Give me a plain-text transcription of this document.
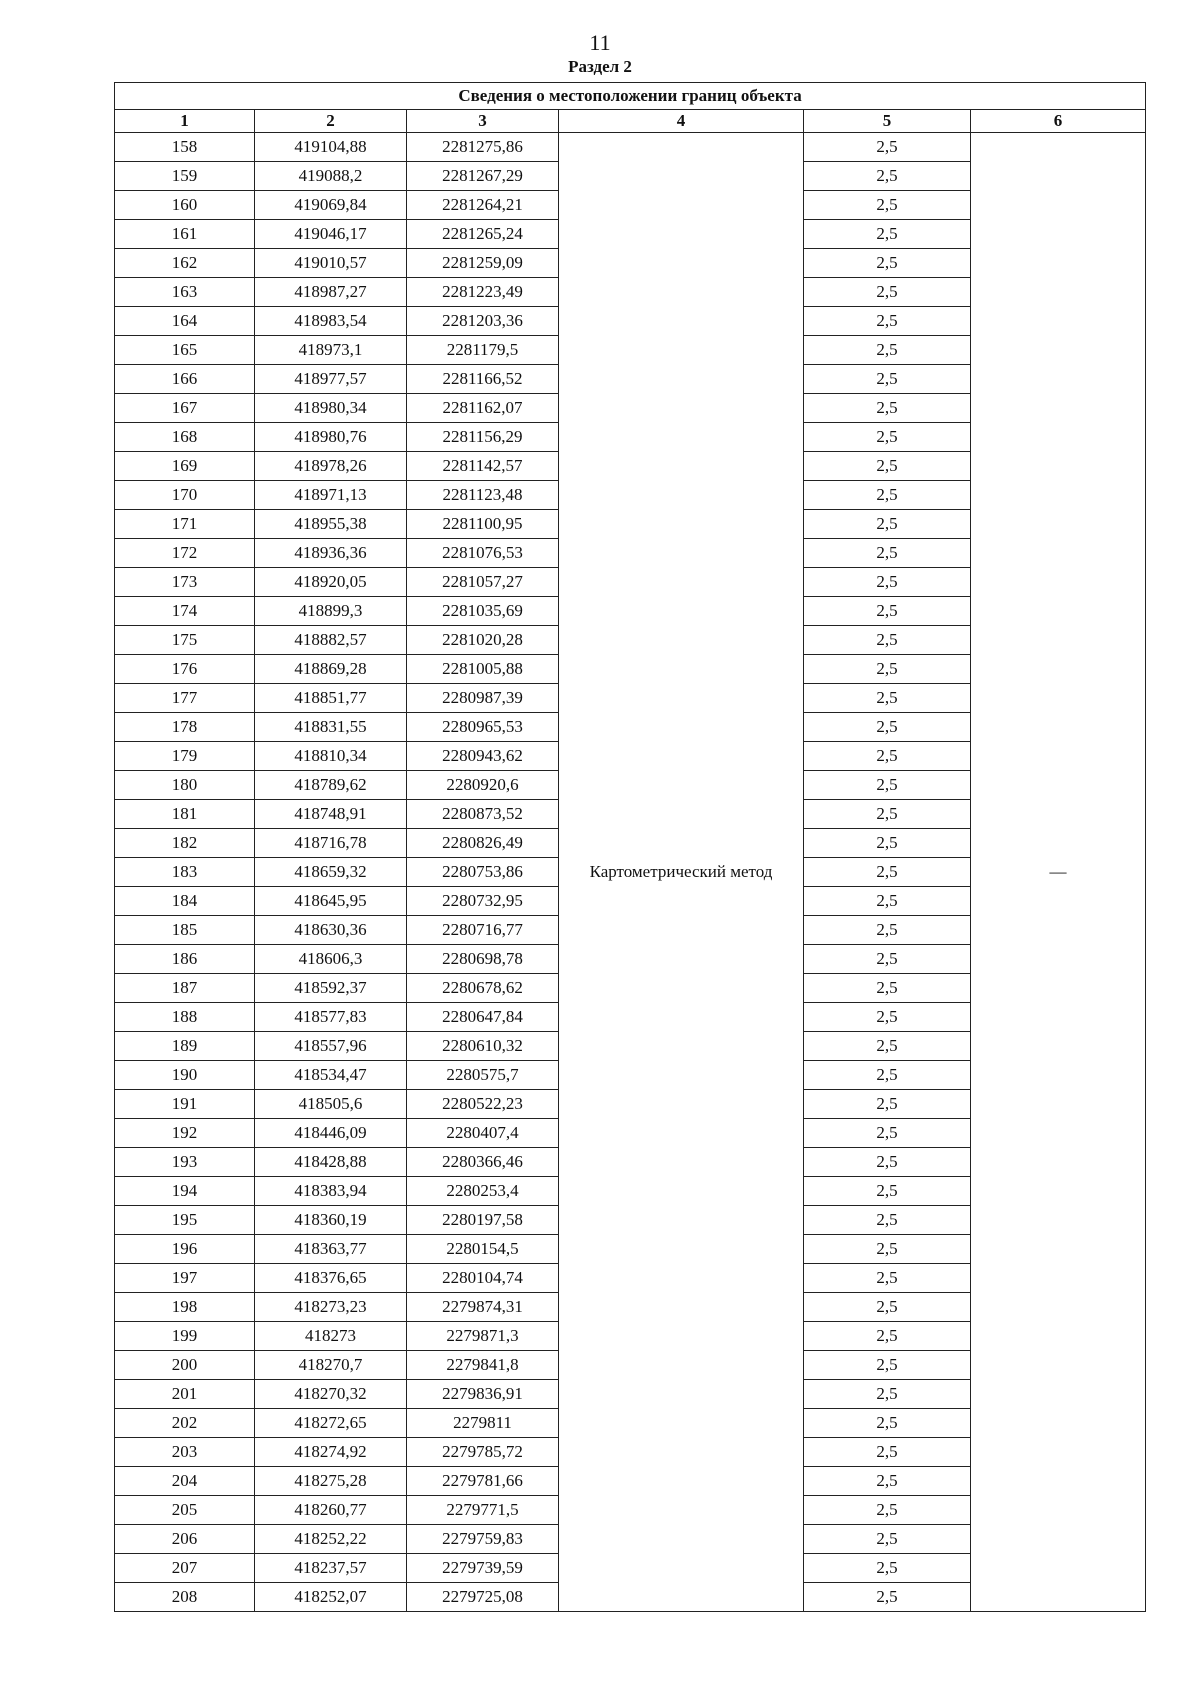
11
Раздел 2
Сведения о местоположении границ объекта					
1	2	3	4	5	6
158	419104,88	2281275,86	Картометрический метод	2,5	—
159	419088,2	2281267,29		2,5	
160	419069,84	2281264,21		2,5	
161	419046,17	2281265,24		2,5	
162	419010,57	2281259,09		2,5	
163	418987,27	2281223,49		2,5	
164	418983,54	2281203,36		2,5	
165	418973,1	2281179,5		2,5	
166	418977,57	2281166,52		2,5	
167	418980,34	2281162,07		2,5	
168	418980,76	2281156,29		2,5	
169	418978,26	2281142,57		2,5	
170	418971,13	2281123,48		2,5	
171	418955,38	2281100,95		2,5	
172	418936,36	2281076,53		2,5	
173	418920,05	2281057,27		2,5	
174	418899,3	2281035,69		2,5	
175	418882,57	2281020,28		2,5	
176	418869,28	2281005,88		2,5	
177	418851,77	2280987,39		2,5	
178	418831,55	2280965,53		2,5	
179	418810,34	2280943,62		2,5	
180	418789,62	2280920,6		2,5	
181	418748,91	2280873,52		2,5	
182	418716,78	2280826,49		2,5	
183	418659,32	2280753,86		2,5	
184	418645,95	2280732,95		2,5	
185	418630,36	2280716,77		2,5	
186	418606,3	2280698,78		2,5	
187	418592,37	2280678,62		2,5	
188	418577,83	2280647,84		2,5	
189	418557,96	2280610,32		2,5	
190	418534,47	2280575,7		2,5	
191	418505,6	2280522,23		2,5	
192	418446,09	2280407,4		2,5	
193	418428,88	2280366,46		2,5	
194	418383,94	2280253,4		2,5	
195	418360,19	2280197,58		2,5	
196	418363,77	2280154,5		2,5	
197	418376,65	2280104,74		2,5	
198	418273,23	2279874,31		2,5	
199	418273	2279871,3		2,5	
200	418270,7	2279841,8		2,5	
201	418270,32	2279836,91		2,5	
202	418272,65	2279811		2,5	
203	418274,92	2279785,72		2,5	
204	418275,28	2279781,66		2,5	
205	418260,77	2279771,5		2,5	
206	418252,22	2279759,83		2,5	
207	418237,57	2279739,59		2,5	
208	418252,07	2279725,08		2,5	
